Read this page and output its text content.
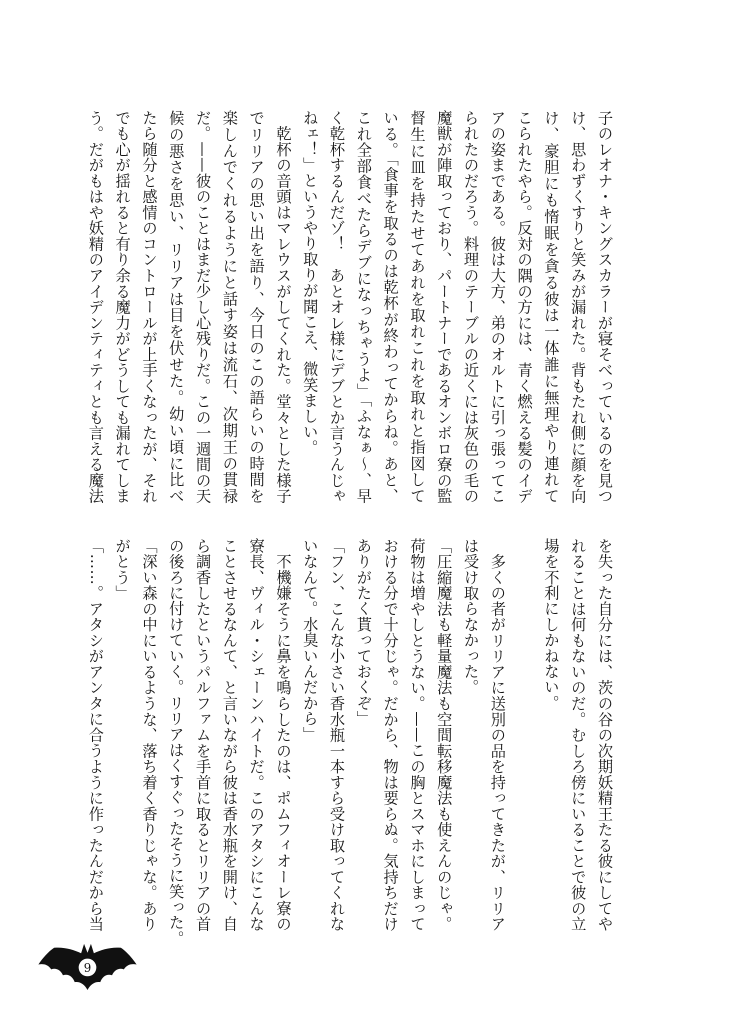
子のレオナ・キングスカラーが寝そべっているのを見つ
け、思わずくすりと笑みが漏れた。背もたれ側に顔を向
け、豪胆にも惰眠を貪る彼は一体誰に無理やり連れて
こられたやら。反対の隅の方には、青く燃える髪のイデ
アの姿まである。彼は大方、弟のオルトに引っ張ってこ
られたのだろう。料理のテーブルの近くには灰色の毛の
魔獣が陣取っており、パートナーであるオンボロ寮の監
督生に皿を持たせてあれを取れこれを取れと指図して
いる。「食事を取るのは乾杯が終わってからね。あと、
これ全部食べたらデブになっちゃうよ」「ふなぁ〜、早
く乾杯するんだゾ！　あとオレ様にデブとか言うんじゃ
ねェ！」というやり取りが聞こえ、微笑ましい。
　乾杯の音頭はマレウスがしてくれた。堂々とした様子
でリリアの思い出を語り、今日のこの語らいの時間を
楽しんでくれるようにと話す姿は流石、次期王の貫禄
だ。——彼のことはまだ少し心残りだ。この一週間の天
候の悪さを思い、リリアは目を伏せた。幼い頃に比べ
たら随分と感情のコントロールが上手くなったが、それ
でも心が揺れると有り余る魔力がどうしても漏れてしま
う。だがもはや妖精のアイデンティティとも言える魔法
を失った自分には、茨の谷の次期妖精王たる彼にしてや
れることは何もないのだ。むしろ傍にいることで彼の立
場を不利にしかねない。
　多くの者がリリアに送別の品を持ってきたが、リリア
は受け取らなかった。
「圧縮魔法も軽量魔法も空間転移魔法も使えんのじゃ。
荷物は増やしとうない。——この胸とスマホにしまって
おける分で十分じゃ。だから、物は要らぬ。気持ちだけ
ありがたく貰っておくぞ」
「フン、こんな小さい香水瓶一本すら受け取ってくれな
いなんて。水臭いんだから」
　不機嫌そうに鼻を鳴らしたのは、ポムフィオーレ寮の
寮長、ヴィル・シェーンハイトだ。このアタシにこんな
ことさせるなんて、と言いながら彼は香水瓶を開け、自
ら調香したというパルファムを手首に取るとリリアの首
の後ろに付けていく。リリアはくすぐったそうに笑った。
「深い森の中にいるような、落ち着く香りじゃな。あり
がとう」
「……。アタシがアンタに合うように作ったんだから当
9
